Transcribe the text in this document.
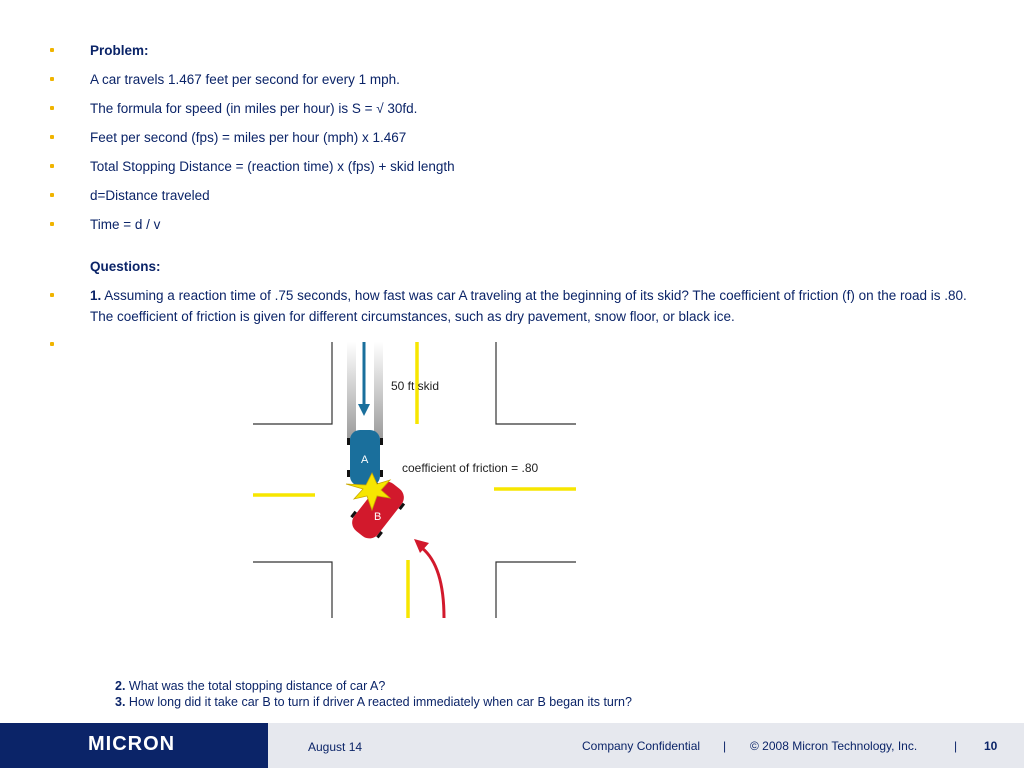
Problem:
A car travels 1.467 feet per second for every 1 mph.
The formula for speed (in miles per hour) is S = √ 30fd.
Feet per second (fps) = miles per hour (mph) x 1.467
Total Stopping Distance = (reaction time) x (fps) + skid length
d=Distance traveled
Time = d / v
Questions:
1. Assuming a reaction time of .75 seconds, how fast was car A traveling at the beginning of its skid? The coefficient of friction (f) on the road is .80. The coefficient of friction is given for different circumstances, such as dry pavement, snow floor, or black ice.
50 ft skid
coefficient of friction = .80
A
B
2. What was the total stopping distance of car A?
3. How long did it take car B to turn if driver A reacted immediately when car B began its turn?
MICRON	August 14	Company Confidential | © 2008 Micron Technology, Inc.	| 10
